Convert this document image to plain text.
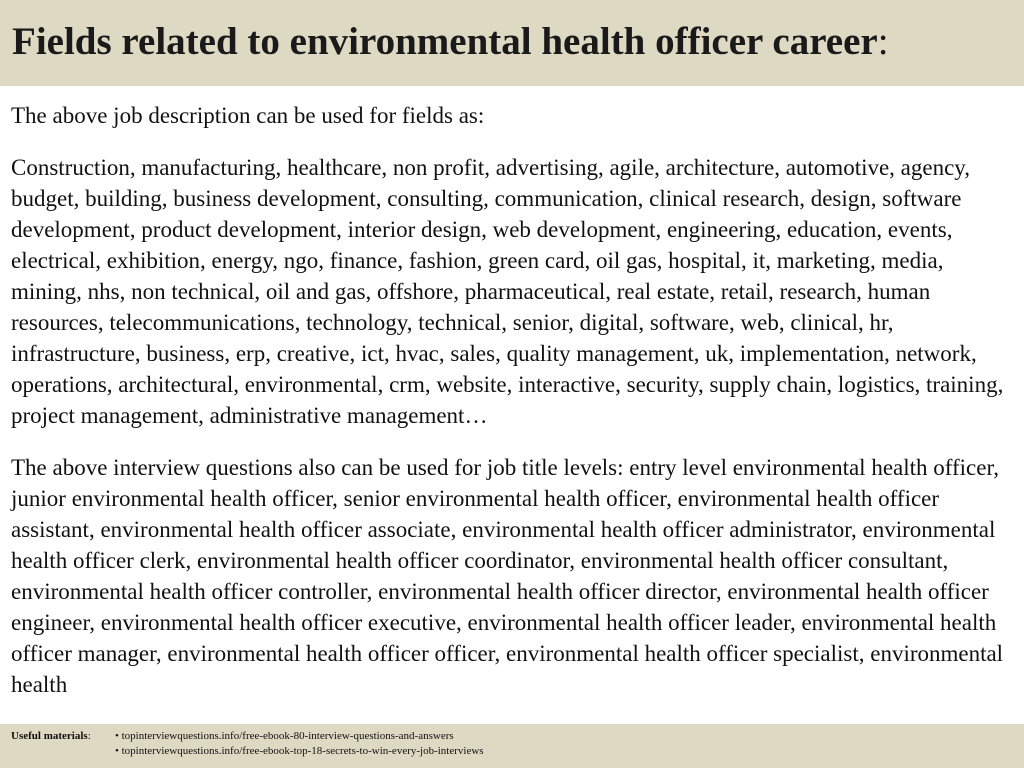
Fields related to environmental health officer career:

The above job description can be used for fields as:

Construction, manufacturing, healthcare, non profit, advertising, agile, architecture, automotive, agency, budget, building, business development, consulting, communication, clinical research, design, software development, product development, interior design, web development, engineering, education, events, electrical, exhibition, energy, ngo, finance, fashion, green card, oil gas, hospital, it, marketing, media, mining, nhs, non technical, oil and gas, offshore, pharmaceutical, real estate, retail, research, human resources, telecommunications, technology, technical, senior, digital, software, web, clinical, hr, infrastructure, business, erp, creative, ict, hvac, sales, quality management, uk, implementation, network, operations, architectural, environmental, crm, website, interactive, security, supply chain, logistics, training, project management, administrative management…

The above interview questions also can be used for job title levels: entry level environmental health officer, junior environmental health officer, senior environmental health officer, environmental health officer assistant, environmental health officer associate, environmental health officer administrator, environmental health officer clerk, environmental health officer coordinator, environmental health officer consultant, environmental health officer controller, environmental health officer director, environmental health officer engineer, environmental health officer executive, environmental health officer leader, environmental health officer manager, environmental health officer officer, environmental health officer specialist, environmental health

Useful materials:	• topinterviewquestions.info/free-ebook-80-interview-questions-and-answers
• topinterviewquestions.info/free-ebook-top-18-secrets-to-win-every-job-interviews
